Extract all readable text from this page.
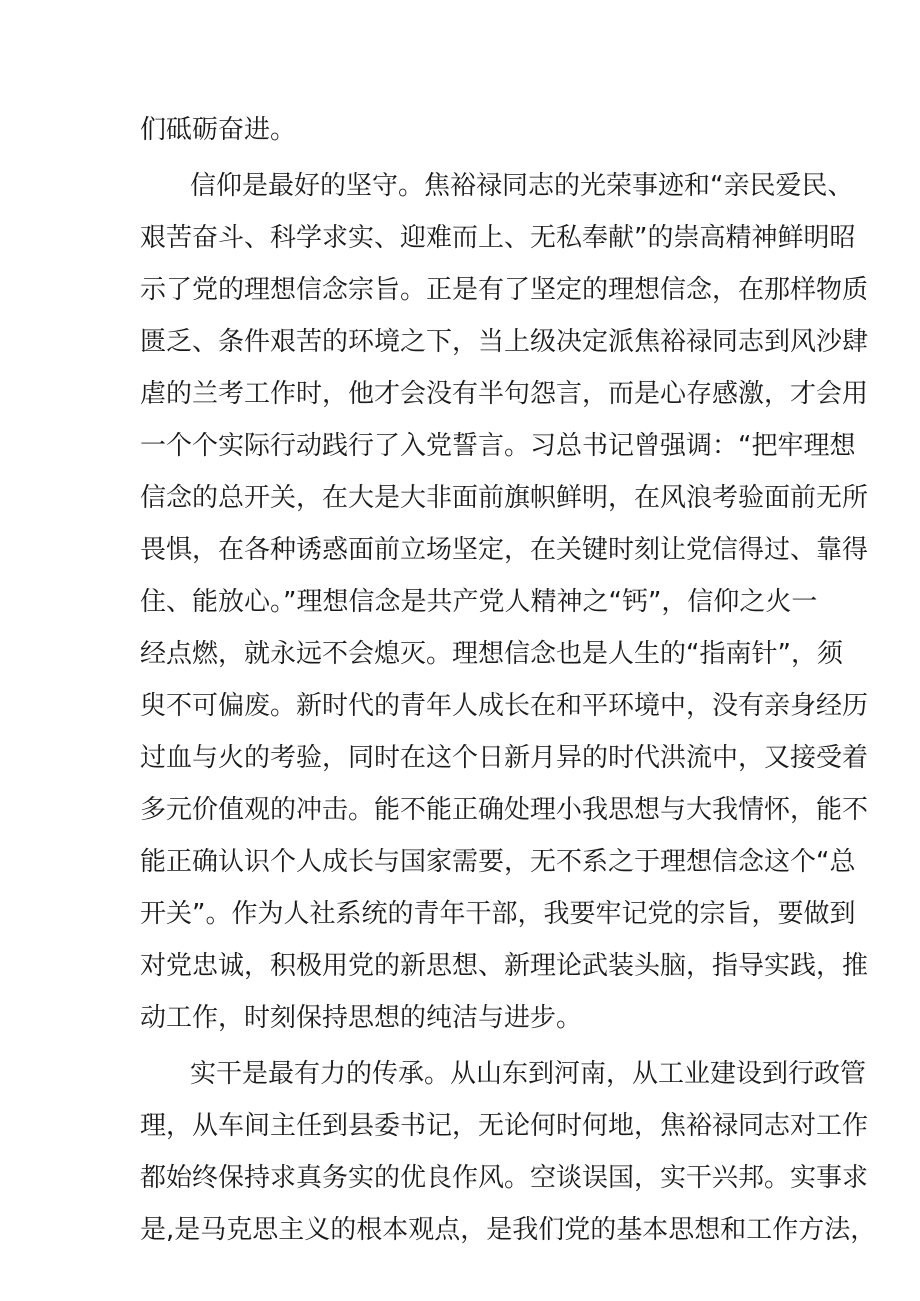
们砥砺奋进。
信仰是最好的坚守。焦裕禄同志的光荣事迹和“亲民爱民、
艰苦奋斗、科学求实、迎难而上、无私奉献”的崇高精神鲜明昭
示了党的理想信念宗旨。正是有了坚定的理想信念，在那样物质
匮乏、条件艰苦的环境之下，当上级决定派焦裕禄同志到风沙肆
虐的兰考工作时，他才会没有半句怨言，而是心存感激，才会用
一个个实际行动践行了入党誓言。习总书记曾强调：“把牢理想
信念的总开关，在大是大非面前旗帜鲜明，在风浪考验面前无所
畏惧，在各种诱惑面前立场坚定，在关键时刻让党信得过、靠得
住、能放心。”理想信念是共产党人精神之“钙”，信仰之火一
经点燃，就永远不会熄灭。理想信念也是人生的“指南针”，须
臾不可偏废。新时代的青年人成长在和平环境中，没有亲身经历
过血与火的考验，同时在这个日新月异的时代洪流中，又接受着
多元价值观的冲击。能不能正确处理小我思想与大我情怀，能不
能正确认识个人成长与国家需要，无不系之于理想信念这个“总
开关”。作为人社系统的青年干部，我要牢记党的宗旨，要做到
对党忠诚，积极用党的新思想、新理论武装头脑，指导实践，推
动工作，时刻保持思想的纯洁与进步。
实干是最有力的传承。从山东到河南，从工业建设到行政管
理，从车间主任到县委书记，无论何时何地，焦裕禄同志对工作
都始终保持求真务实的优良作风。空谈误国，实干兴邦。实事求
是,是马克思主义的根本观点，是我们党的基本思想和工作方法，
